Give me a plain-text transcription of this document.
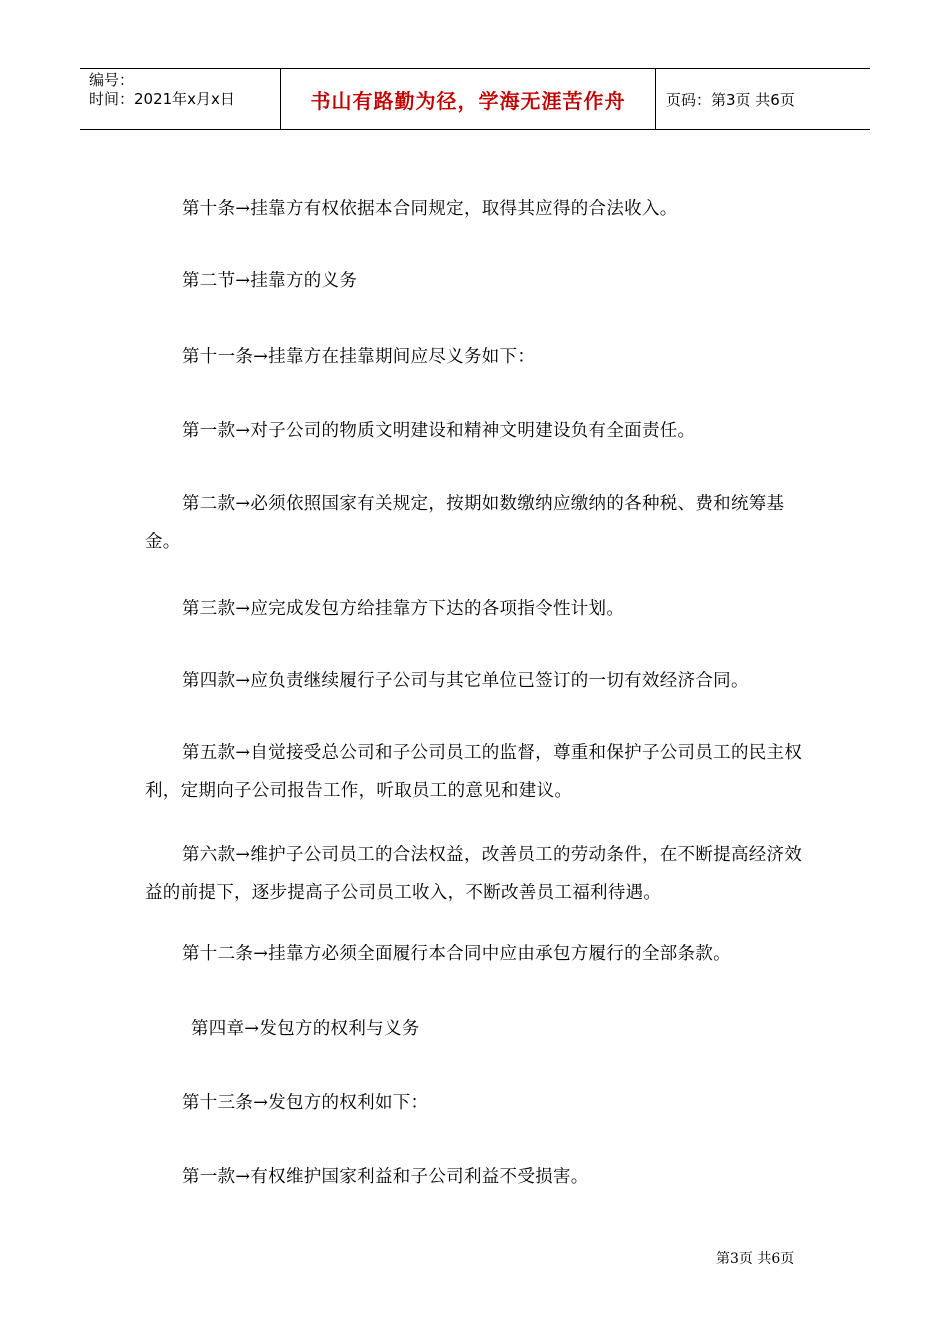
编号：
时间：2021年x月x日	书山有路勤为径，学海无涯苦作舟	页码：第3页 共6页
第十条→挂靠方有权依据本合同规定，取得其应得的合法收入。
第二节→挂靠方的义务
第十一条→挂靠方在挂靠期间应尽义务如下：
第一款→对子公司的物质文明建设和精神文明建设负有全面责任。
第二款→必须依照国家有关规定，按期如数缴纳应缴纳的各种税、费和统筹基金。
第三款→应完成发包方给挂靠方下达的各项指令性计划。
第四款→应负责继续履行子公司与其它单位已签订的一切有效经济合同。
第五款→自觉接受总公司和子公司员工的监督，尊重和保护子公司员工的民主权利，定期向子公司报告工作，听取员工的意见和建议。
第六款→维护子公司员工的合法权益，改善员工的劳动条件，在不断提高经济效益的前提下，逐步提高子公司员工收入，不断改善员工福利待遇。
第十二条→挂靠方必须全面履行本合同中应由承包方履行的全部条款。
第四章→发包方的权利与义务
第十三条→发包方的权利如下：
第一款→有权维护国家利益和子公司利益不受损害。
第3页 共6页
